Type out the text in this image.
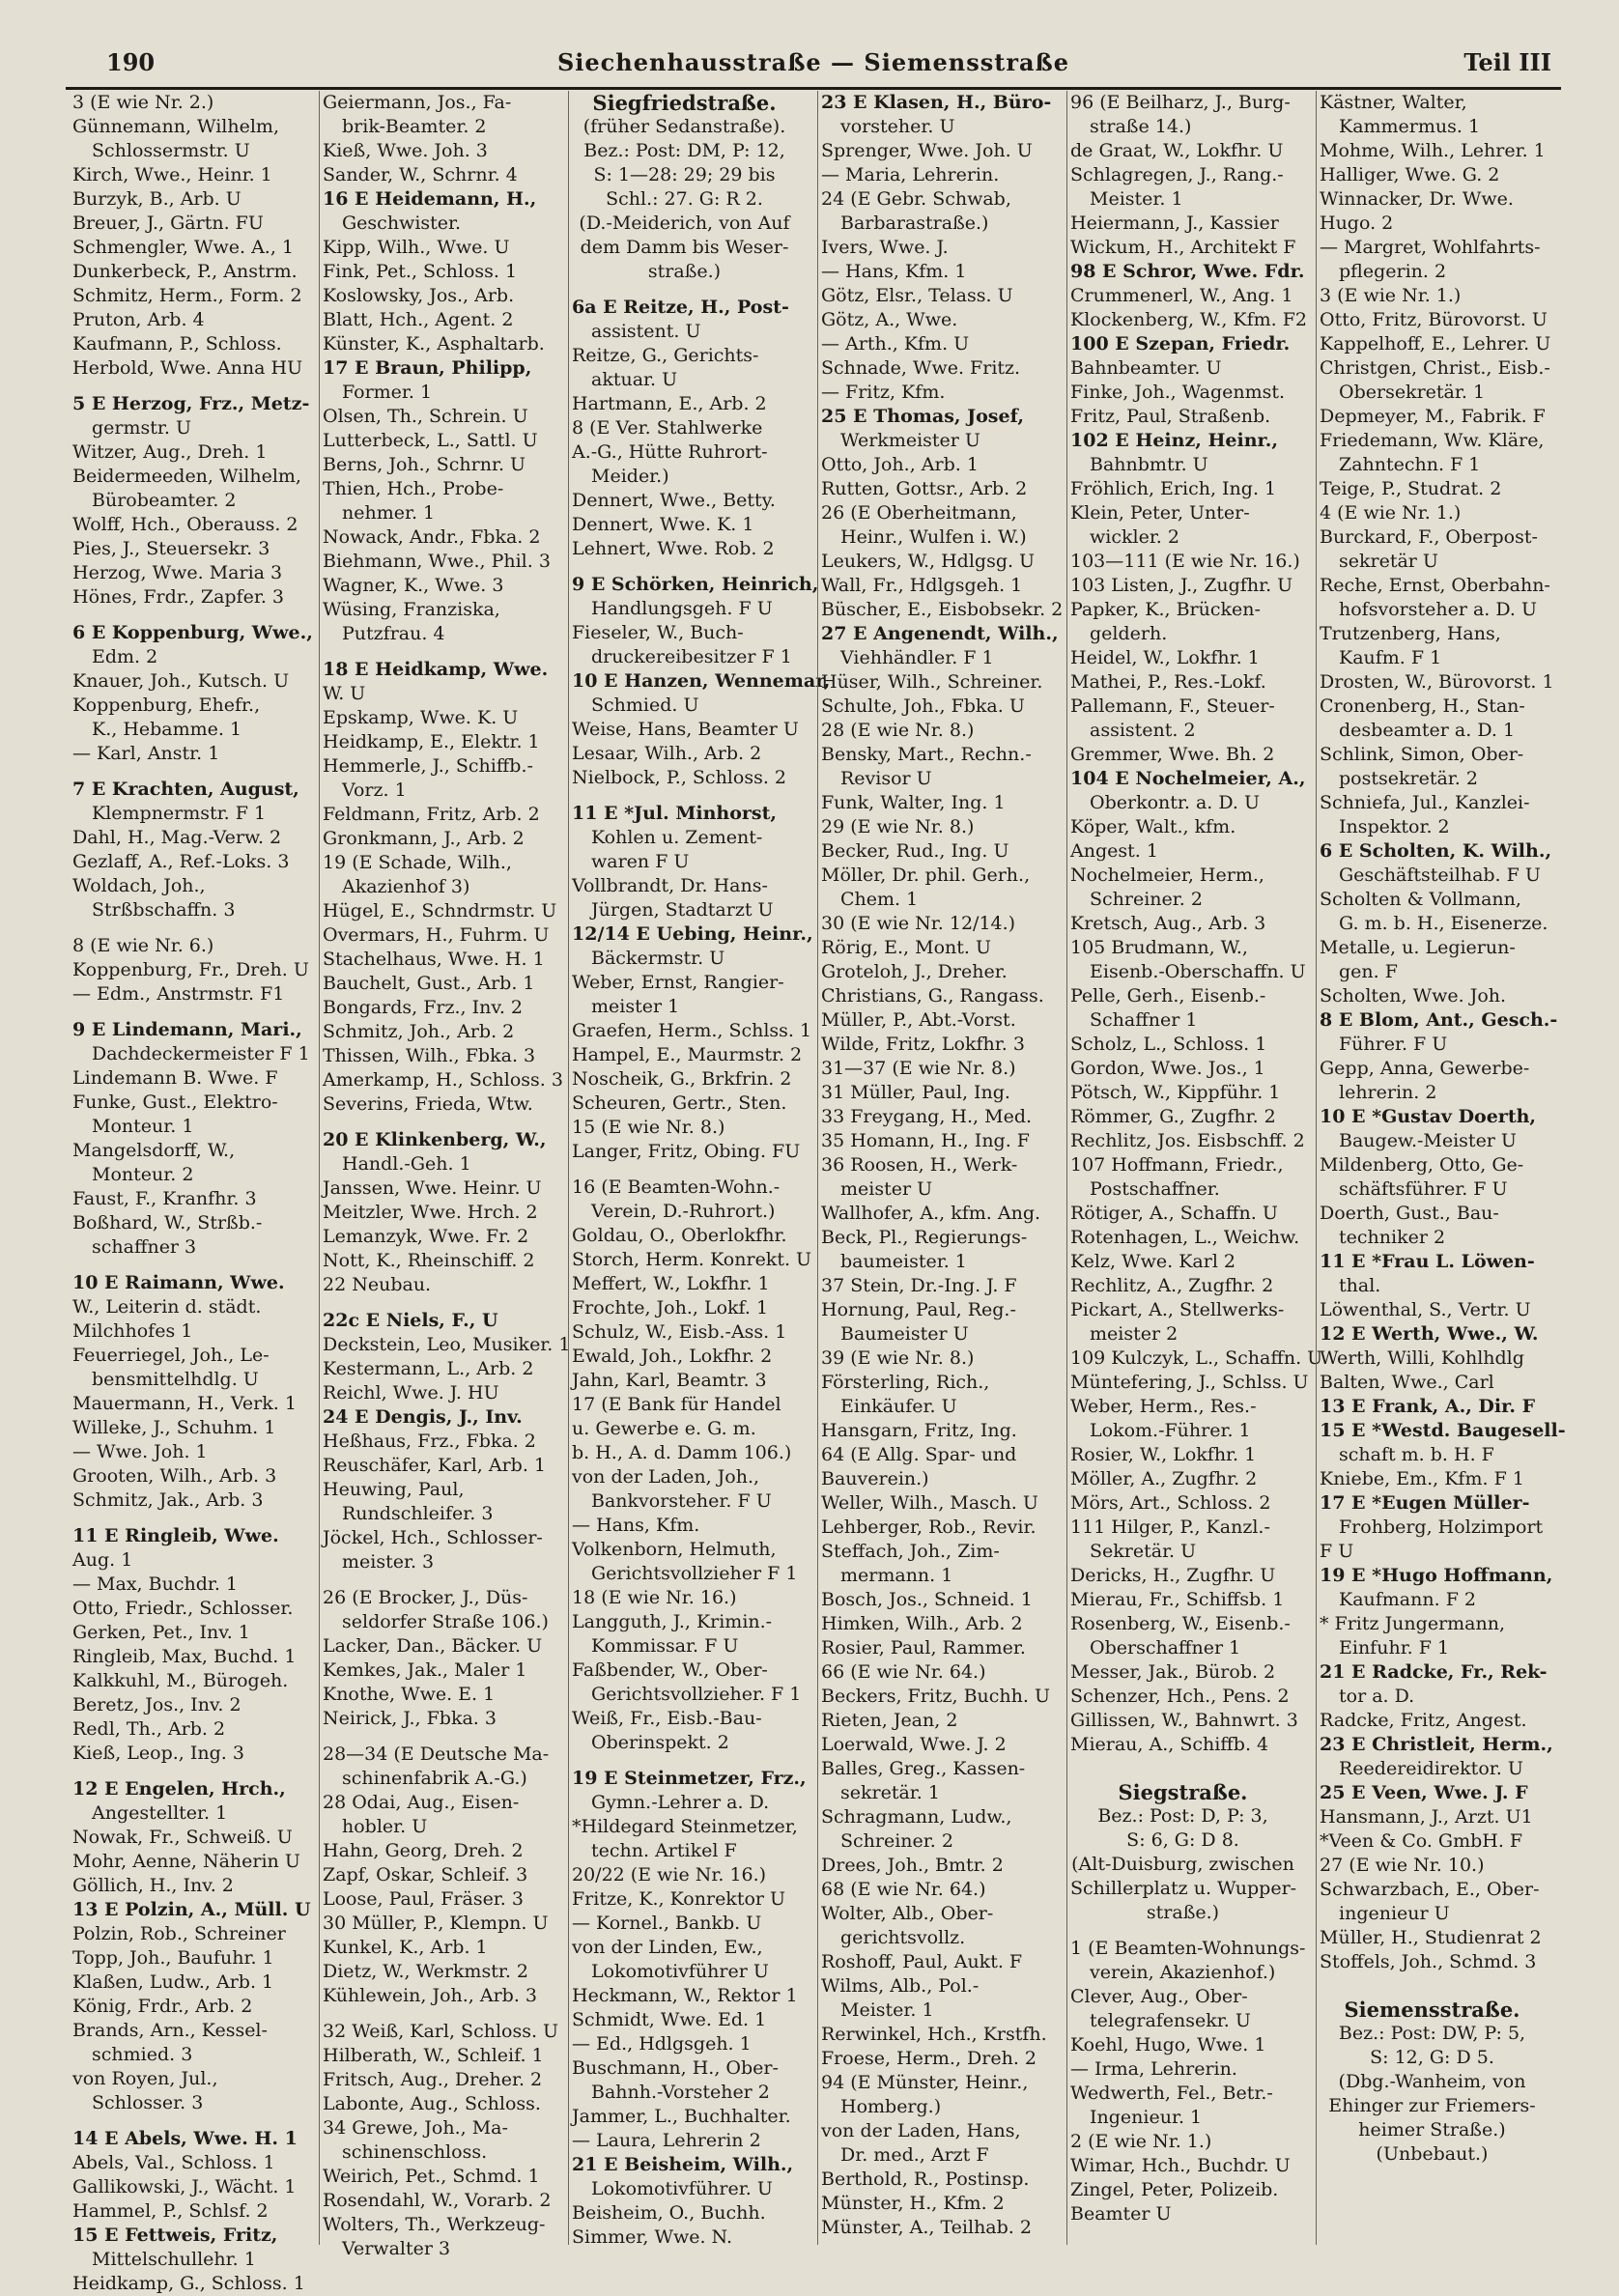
190	Siechenhausstraße — Siemensstraße	Teil III
3 (E wie Nr. 2.)
Günnemann, Wilhelm,
Schlossermstr. U
Kirch, Wwe., Heinr. 1
Burzyk, B., Arb. U
Breuer, J., Gärtn. FU
Schmengler, Wwe. A., 1
Dunkerbeck, P., Anstrm.
Schmitz, Herm., Form. 2
Pruton, Arb. 4
Kaufmann, P., Schloss.
Herbold, Wwe. Anna HU

5 E Herzog, Frz., Metz-
germstr. U
Witzer, Aug., Dreh. 1
Beidermeeden, Wilhelm,
Bürobeamter. 2
Wolff, Hch., Oberauss. 2
Pies, J., Steuersekr. 3
Herzog, Wwe. Maria 3
Hönes, Frdr., Zapfer. 3

6 E Koppenburg, Wwe.,
Edm. 2
Knauer, Joh., Kutsch. U
Koppenburg, Ehefr.,
K., Hebamme. 1
— Karl, Anstr. 1

7 E Krachten, August,
Klempnermstr. F 1
Dahl, H., Mag.-Verw. 2
Gezlaff, A., Ref.-Loks. 3
Woldach, Joh.,
Strßbschaffn. 3

8 (E wie Nr. 6.)
Koppenburg, Fr., Dreh. U
— Edm., Anstrmstr. F1

9 E Lindemann, Mari.,
Dachdeckermeister F 1
Lindemann B. Wwe. F
Funke, Gust., Elektro-
Monteur. 1
Mangelsdorff, W.,
Monteur. 2
Faust, F., Kranfhr. 3
Boßhard, W., Strßb.-
schaffner 3

10 E Raimann, Wwe.
W., Leiterin d. städt.
Milchhofes 1
Feuerriegel, Joh., Le-
bensmittelhdlg. U
Mauermann, H., Verk. 1
Willeke, J., Schuhm. 1
— Wwe. Joh. 1
Grooten, Wilh., Arb. 3
Schmitz, Jak., Arb. 3

11 E Ringleib, Wwe.
Aug. 1
— Max, Buchdr. 1
Otto, Friedr., Schlosser.
Gerken, Pet., Inv. 1
Ringleib, Max, Buchd. 1
Kalkkuhl, M., Bürogeh.
Beretz, Jos., Inv. 2
Redl, Th., Arb. 2
Kieß, Leop., Ing. 3

12 E Engelen, Hrch.,
Angestellter. 1
Nowak, Fr., Schweiß. U
Mohr, Aenne, Näherin U
Göllich, H., Inv. 2
13 E Polzin, A., Müll. U
Polzin, Rob., Schreiner
Topp, Joh., Baufuhr. 1
Klaßen, Ludw., Arb. 1
König, Frdr., Arb. 2
Brands, Arn., Kessel-
schmied. 3
von Royen, Jul.,
Schlosser. 3

14 E Abels, Wwe. H. 1
Abels, Val., Schloss. 1
Gallikowski, J., Wächt. 1
Hammel, P., Schlsf. 2
15 E Fettweis, Fritz,
Mittelschullehr. 1
Heidkamp, G., Schloss. 1
Geiermann, Jos., Fa-
brik-Beamter. 2
Kieß, Wwe. Joh. 3
Sander, W., Schrnr. 4
16 E Heidemann, H.,
Geschwister.
Kipp, Wilh., Wwe. U
Fink, Pet., Schloss. 1
Koslowsky, Jos., Arb.
Blatt, Hch., Agent. 2
Künster, K., Asphaltarb.
17 E Braun, Philipp,
Former. 1
Olsen, Th., Schrein. U
Lutterbeck, L., Sattl. U
Berns, Joh., Schrnr. U
Thien, Hch., Probe-
nehmer. 1
Nowack, Andr., Fbka. 2
Biehmann, Wwe., Phil. 3
Wagner, K., Wwe. 3
Wüsing, Franziska,
Putzfrau. 4

18 E Heidkamp, Wwe.
W. U
Epskamp, Wwe. K. U
Heidkamp, E., Elektr. 1
Hemmerle, J., Schiffb.-
Vorz. 1
Feldmann, Fritz, Arb. 2
Gronkmann, J., Arb. 2
19 (E Schade, Wilh.,
Akazienhof 3)
Hügel, E., Schndrmstr. U
Overmars, H., Fuhrm. U
Stachelhaus, Wwe. H. 1
Bauchelt, Gust., Arb. 1
Bongards, Frz., Inv. 2
Schmitz, Joh., Arb. 2
Thissen, Wilh., Fbka. 3
Amerkamp, H., Schloss. 3
Severins, Frieda, Wtw.

20 E Klinkenberg, W.,
Handl.-Geh. 1
Janssen, Wwe. Heinr. U
Meitzler, Wwe. Hrch. 2
Lemanzyk, Wwe. Fr. 2
Nott, K., Rheinschiff. 2
22 Neubau.

22c E Niels, F., U
Deckstein, Leo, Musiker. 1
Kestermann, L., Arb. 2
Reichl, Wwe. J. HU
24 E Dengis, J., Inv.
Heßhaus, Frz., Fbka. 2
Reuschäfer, Karl, Arb. 1
Heuwing, Paul,
Rundschleifer. 3
Jöckel, Hch., Schlosser-
meister. 3

26 (E Brocker, J., Düs-
seldorfer Straße 106.)
Lacker, Dan., Bäcker. U
Kemkes, Jak., Maler 1
Knothe, Wwe. E. 1
Neirick, J., Fbka. 3

28—34 (E Deutsche Ma-
schinenfabrik A.-G.)
28 Odai, Aug., Eisen-
hobler. U
Hahn, Georg, Dreh. 2
Zapf, Oskar, Schleif. 3
Loose, Paul, Fräser. 3
30 Müller, P., Klempn. U
Kunkel, K., Arb. 1
Dietz, W., Werkmstr. 2
Kühlewein, Joh., Arb. 3

32 Weiß, Karl, Schloss. U
Hilberath, W., Schleif. 1
Fritsch, Aug., Dreher. 2
Labonte, Aug., Schloss.
34 Grewe, Joh., Ma-
schinenschloss.
Weirich, Pet., Schmd. 1
Rosendahl, W., Vorarb. 2
Wolters, Th., Werkzeug-
Verwalter 3
Siegfriedstraße.
(früher Sedanstraße).
Bez.: Post: DM, P: 12,
S: 1—28: 29; 29 bis
Schl.: 27. G: R 2.
(D.-Meiderich, von Auf
dem Damm bis Weser-
straße.)

6a E Reitze, H., Post-
assistent. U
Reitze, G., Gerichts-
aktuar. U
Hartmann, E., Arb. 2
8 (E Ver. Stahlwerke
A.-G., Hütte Ruhrort-
Meider.)
Dennert, Wwe., Betty.
Dennert, Wwe. K. 1
Lehnert, Wwe. Rob. 2

9 E Schörken, Heinrich,
Handlungsgeh. F U
Fieseler, W., Buch-
druckereibesitzer F 1
10 E Hanzen, Wennemar,
Schmied. U
Weise, Hans, Beamter U
Lesaar, Wilh., Arb. 2
Nielbock, P., Schloss. 2

11 E *Jul. Minhorst,
Kohlen u. Zement-
waren F U
Vollbrandt, Dr. Hans-
Jürgen, Stadtarzt U
12/14 E Uebing, Heinr.,
Bäckermstr. U
Weber, Ernst, Rangier-
meister 1
Graefen, Herm., Schlss. 1
Hampel, E., Maurmstr. 2
Noscheik, G., Brkfrin. 2
Scheuren, Gertr., Sten.
15 (E wie Nr. 8.)
Langer, Fritz, Obing. FU

16 (E Beamten-Wohn.-
Verein, D.-Ruhrort.)
Goldau, O., Oberlokfhr.
Storch, Herm. Konrekt. U
Meffert, W., Lokfhr. 1
Frochte, Joh., Lokf. 1
Schulz, W., Eisb.-Ass. 1
Ewald, Joh., Lokfhr. 2
Jahn, Karl, Beamtr. 3
17 (E Bank für Handel
u. Gewerbe e. G. m.
b. H., A. d. Damm 106.)
von der Laden, Joh.,
Bankvorsteher. F U
— Hans, Kfm.
Volkenborn, Helmuth,
Gerichtsvollzieher F 1
18 (E wie Nr. 16.)
Langguth, J., Krimin.-
Kommissar. F U
Faßbender, W., Ober-
Gerichtsvollzieher. F 1
Weiß, Fr., Eisb.-Bau-
Oberinspekt. 2

19 E Steinmetzer, Frz.,
Gymn.-Lehrer a. D.
*Hildegard Steinmetzer,
techn. Artikel F
20/22 (E wie Nr. 16.)
Fritze, K., Konrektor U
— Kornel., Bankb. U
von der Linden, Ew.,
Lokomotivführer U
Heckmann, W., Rektor 1
Schmidt, Wwe. Ed. 1
— Ed., Hdlgsgeh. 1
Buschmann, H., Ober-
Bahnh.-Vorsteher 2
Jammer, L., Buchhalter.
— Laura, Lehrerin 2
21 E Beisheim, Wilh.,
Lokomotivführer. U
Beisheim, O., Buchh.
Simmer, Wwe. N.
23 E Klasen, H., Büro-
vorsteher. U
Sprenger, Wwe. Joh. U
— Maria, Lehrerin.
24 (E Gebr. Schwab,
Barbarastraße.)
Ivers, Wwe. J.
— Hans, Kfm. 1
Götz, Elsr., Telass. U
Götz, A., Wwe.
— Arth., Kfm. U
Schnade, Wwe. Fritz.
— Fritz, Kfm.
25 E Thomas, Josef,
Werkmeister U
Otto, Joh., Arb. 1
Rutten, Gottsr., Arb. 2
26 (E Oberheitmann,
Heinr., Wulfen i. W.)
Leukers, W., Hdlgsg. U
Wall, Fr., Hdlgsgeh. 1
Büscher, E., Eisbobsekr. 2
27 E Angenendt, Wilh.,
Viehhändler. F 1
Hüser, Wilh., Schreiner.
Schulte, Joh., Fbka. U
28 (E wie Nr. 8.)
Bensky, Mart., Rechn.-
Revisor U
Funk, Walter, Ing. 1
29 (E wie Nr. 8.)
Becker, Rud., Ing. U
Möller, Dr. phil. Gerh.,
Chem. 1
30 (E wie Nr. 12/14.)
Rörig, E., Mont. U
Groteloh, J., Dreher.
Christians, G., Rangass.
Müller, P., Abt.-Vorst.
Wilde, Fritz, Lokfhr. 3
31—37 (E wie Nr. 8.)
31 Müller, Paul, Ing.
33 Freygang, H., Med.
35 Homann, H., Ing. F
36 Roosen, H., Werk-
meister U
Wallhofer, A., kfm. Ang.
Beck, Pl., Regierungs-
baumeister. 1
37 Stein, Dr.-Ing. J. F
Hornung, Paul, Reg.-
Baumeister U
39 (E wie Nr. 8.)
Försterling, Rich.,
Einkäufer. U
Hansgarn, Fritz, Ing.
64 (E Allg. Spar- und
Bauverein.)
Weller, Wilh., Masch. U
Lehberger, Rob., Revir.
Steffach, Joh., Zim-
mermann. 1
Bosch, Jos., Schneid. 1
Himken, Wilh., Arb. 2
Rosier, Paul, Rammer.
66 (E wie Nr. 64.)
Beckers, Fritz, Buchh. U
Rieten, Jean, 2
Loerwald, Wwe. J. 2
Balles, Greg., Kassen-
sekretär. 1
Schragmann, Ludw.,
Schreiner. 2
Drees, Joh., Bmtr. 2
68 (E wie Nr. 64.)
Wolter, Alb., Ober-
gerichtsvollz.
Roshoff, Paul, Aukt. F
Wilms, Alb., Pol.-
Meister. 1
Rerwinkel, Hch., Krstfh.
Froese, Herm., Dreh. 2
94 (E Münster, Heinr.,
Homberg.)
von der Laden, Hans,
Dr. med., Arzt F
Berthold, R., Postinsp.
Münster, H., Kfm. 2
Münster, A., Teilhab. 2
96 (E Beilharz, J., Burg-
straße 14.)
de Graat, W., Lokfhr. U
Schlagregen, J., Rang.-
Meister. 1
Heiermann, J., Kassier
Wickum, H., Architekt F
98 E Schror, Wwe. Fdr.
Crummenerl, W., Ang. 1
Klockenberg, W., Kfm. F2
100 E Szepan, Friedr.
Bahnbeamter. U
Finke, Joh., Wagenmst.
Fritz, Paul, Straßenb.
102 E Heinz, Heinr.,
Bahnbmtr. U
Fröhlich, Erich, Ing. 1
Klein, Peter, Unter-
wickler. 2
103—111 (E wie Nr. 16.)
103 Listen, J., Zugfhr. U
Papker, K., Brücken-
gelderh.
Heidel, W., Lokfhr. 1
Mathei, P., Res.-Lokf.
Pallemann, F., Steuer-
assistent. 2
Gremmer, Wwe. Bh. 2
104 E Nochelmeier, A.,
Oberkontr. a. D. U
Köper, Walt., kfm.
Angest. 1
Nochelmeier, Herm.,
Schreiner. 2
Kretsch, Aug., Arb. 3
105 Brudmann, W.,
Eisenb.-Oberschaffn. U
Pelle, Gerh., Eisenb.-
Schaffner 1
Scholz, L., Schloss. 1
Gordon, Wwe. Jos., 1
Pötsch, W., Kippführ. 1
Römmer, G., Zugfhr. 2
Rechlitz, Jos. Eisbschff. 2
107 Hoffmann, Friedr.,
Postschaffner.
Rötiger, A., Schaffn. U
Rotenhagen, L., Weichw.
Kelz, Wwe. Karl 2
Rechlitz, A., Zugfhr. 2
Pickart, A., Stellwerks-
meister 2
109 Kulczyk, L., Schaffn. U
Müntefering, J., Schlss. U
Weber, Herm., Res.-
Lokom.-Führer. 1
Rosier, W., Lokfhr. 1
Möller, A., Zugfhr. 2
Mörs, Art., Schloss. 2
111 Hilger, P., Kanzl.-
Sekretär. U
Dericks, H., Zugfhr. U
Mierau, Fr., Schiffsb. 1
Rosenberg, W., Eisenb.-
Oberschaffner 1
Messer, Jak., Bürob. 2
Schenzer, Hch., Pens. 2
Gillissen, W., Bahnwrt. 3
Mierau, A., Schiffb. 4

Siegstraße.
Bez.: Post: D, P: 3,
S: 6, G: D 8.
(Alt-Duisburg, zwischen
Schillerplatz u. Wupper-
straße.)

1 (E Beamten-Wohnungs-
verein, Akazienhof.)
Clever, Aug., Ober-
telegrafensekr. U
Koehl, Hugo, Wwe. 1
— Irma, Lehrerin.
Wedwerth, Fel., Betr.-
Ingenieur. 1
2 (E wie Nr. 1.)
Wimar, Hch., Buchdr. U
Zingel, Peter, Polizeib.
Beamter U
Kästner, Walter,
Kammermus. 1
Mohme, Wilh., Lehrer. 1
Halliger, Wwe. G. 2
Winnacker, Dr. Wwe.
Hugo. 2
— Margret, Wohlfahrts-
pflegerin. 2
3 (E wie Nr. 1.)
Otto, Fritz, Bürovorst. U
Kappelhoff, E., Lehrer. U
Christgen, Christ., Eisb.-
Obersekretär. 1
Depmeyer, M., Fabrik. F
Friedemann, Ww. Kläre,
Zahntechn. F 1
Teige, P., Studrat. 2
4 (E wie Nr. 1.)
Burckard, F., Oberpost-
sekretär U
Reche, Ernst, Oberbahn-
hofsvorsteher a. D. U
Trutzenberg, Hans,
Kaufm. F 1
Drosten, W., Bürovorst. 1
Cronenberg, H., Stan-
desbeamter a. D. 1
Schlink, Simon, Ober-
postsekretär. 2
Schniefa, Jul., Kanzlei-
Inspektor. 2
6 E Scholten, K. Wilh.,
Geschäftsteilhab. F U
Scholten & Vollmann,
G. m. b. H., Eisenerze.
Metalle, u. Legierun-
gen. F
Scholten, Wwe. Joh.
8 E Blom, Ant., Gesch.-
Führer. F U
Gepp, Anna, Gewerbe-
lehrerin. 2
10 E *Gustav Doerth,
Baugew.-Meister U
Mildenberg, Otto, Ge-
schäftsführer. F U
Doerth, Gust., Bau-
techniker 2
11 E *Frau L. Löwen-
thal.
Löwenthal, S., Vertr. U
12 E Werth, Wwe., W.
Werth, Willi, Kohlhdlg
Balten, Wwe., Carl
13 E Frank, A., Dir. F
15 E *Westd. Baugesell-
schaft m. b. H. F
Kniebe, Em., Kfm. F 1
17 E *Eugen Müller-
Frohberg, Holzimport
F U
19 E *Hugo Hoffmann,
Kaufmann. F 2
* Fritz Jungermann,
Einfuhr. F 1
21 E Radcke, Fr., Rek-
tor a. D.
Radcke, Fritz, Angest.
23 E Christleit, Herm.,
Reedereidirektor. U
25 E Veen, Wwe. J. F
Hansmann, J., Arzt. U1
*Veen & Co. GmbH. F
27 (E wie Nr. 10.)
Schwarzbach, E., Ober-
ingenieur U
Müller, H., Studienrat 2
Stoffels, Joh., Schmd. 3

Siemensstraße.
Bez.: Post: DW, P: 5,
S: 12, G: D 5.
(Dbg.-Wanheim, von
Ehinger zur Friemers-
heimer Straße.)
(Unbebaut.)
